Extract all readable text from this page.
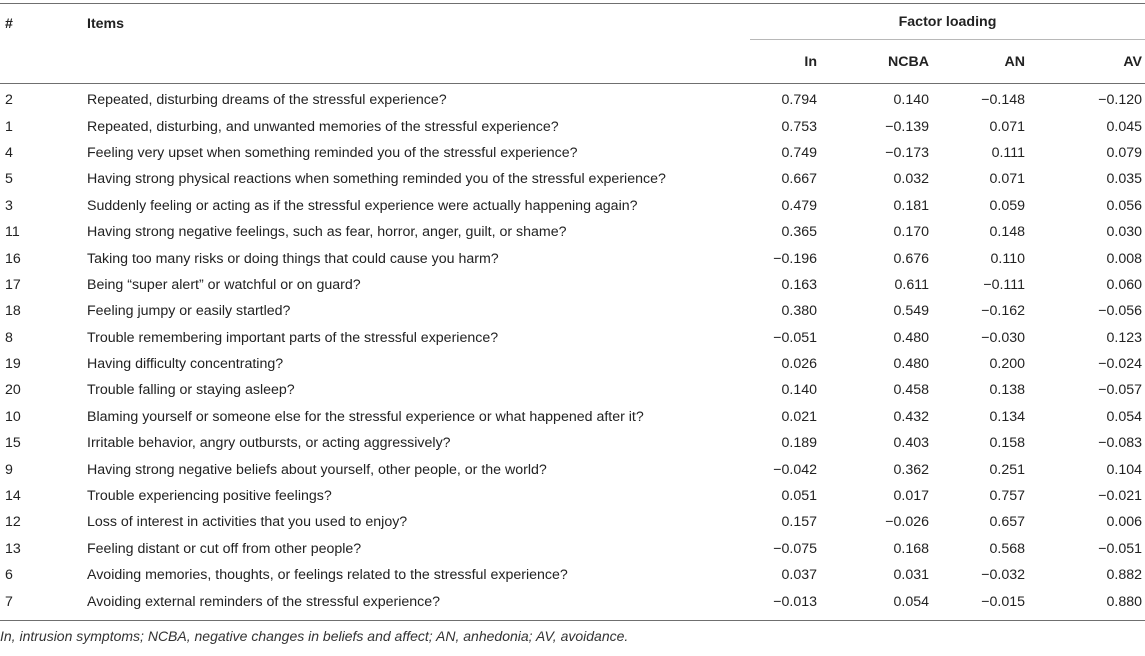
#	Items	Factor loading			
		In	NCBA	AN	AV
2	Repeated, disturbing dreams of the stressful experience?	0.794	0.140	−0.148	−0.120
1	Repeated, disturbing, and unwanted memories of the stressful experience?	0.753	−0.139	0.071	0.045
4	Feeling very upset when something reminded you of the stressful experience?	0.749	−0.173	0.111	0.079
5	Having strong physical reactions when something reminded you of the stressful experience?	0.667	0.032	0.071	0.035
3	Suddenly feeling or acting as if the stressful experience were actually happening again?	0.479	0.181	0.059	0.056
11	Having strong negative feelings, such as fear, horror, anger, guilt, or shame?	0.365	0.170	0.148	0.030
16	Taking too many risks or doing things that could cause you harm?	−0.196	0.676	0.110	0.008
17	Being “super alert” or watchful or on guard?	0.163	0.611	−0.111	0.060
18	Feeling jumpy or easily startled?	0.380	0.549	−0.162	−0.056
8	Trouble remembering important parts of the stressful experience?	−0.051	0.480	−0.030	0.123
19	Having difficulty concentrating?	0.026	0.480	0.200	−0.024
20	Trouble falling or staying asleep?	0.140	0.458	0.138	−0.057
10	Blaming yourself or someone else for the stressful experience or what happened after it?	0.021	0.432	0.134	0.054
15	Irritable behavior, angry outbursts, or acting aggressively?	0.189	0.403	0.158	−0.083
9	Having strong negative beliefs about yourself, other people, or the world?	−0.042	0.362	0.251	0.104
14	Trouble experiencing positive feelings?	0.051	0.017	0.757	−0.021
12	Loss of interest in activities that you used to enjoy?	0.157	−0.026	0.657	0.006
13	Feeling distant or cut off from other people?	−0.075	0.168	0.568	−0.051
6	Avoiding memories, thoughts, or feelings related to the stressful experience?	0.037	0.031	−0.032	0.882
7	Avoiding external reminders of the stressful experience?	−0.013	0.054	−0.015	0.880
In, intrusion symptoms; NCBA, negative changes in beliefs and affect; AN, anhedonia; AV, avoidance.
